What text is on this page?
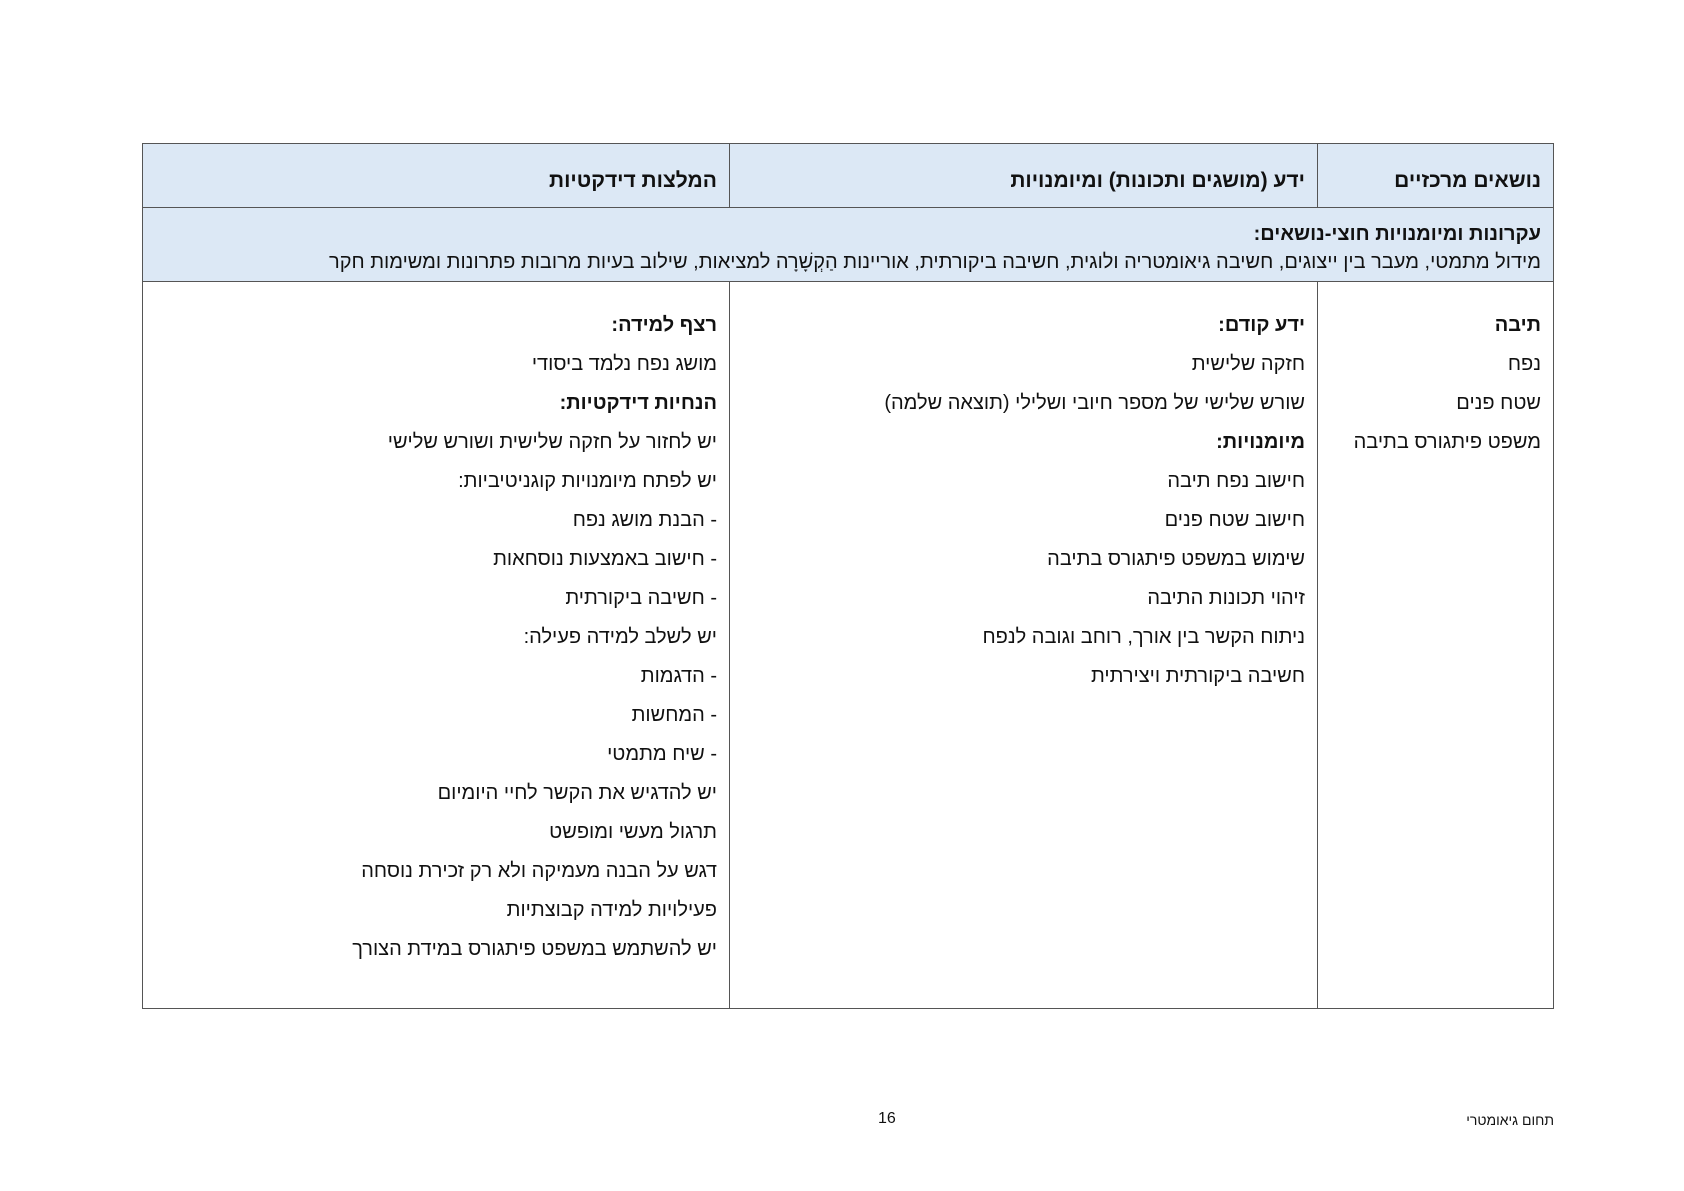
נושאים מרכזיים
ידע (מושגים ותכונות) ומיומנויות
המלצות דידקטיות
עקרונות ומיומנויות חוצי-נושאים:
מידול מתמטי, מעבר בין ייצוגים, חשיבה גיאומטריה ולוגית, חשיבה ביקורתית, אוריינות הַקְשָׁרָה למציאות, שילוב בעיות מרובות פתרונות ומשימות חקר
תיבה
נפח
שטח פנים
משפט פיתגורס בתיבה
ידע קודם:
חזקה שלישית
שורש שלישי של מספר חיובי ושלילי (תוצאה שלמה)
מיומנויות:
חישוב נפח תיבה
חישוב שטח פנים
שימוש במשפט פיתגורס בתיבה
זיהוי תכונות התיבה
ניתוח הקשר בין אורך, רוחב וגובה לנפח
חשיבה ביקורתית ויצירתית
רצף למידה:
מושג נפח נלמד ביסודי
הנחיות דידקטיות:
יש לחזור על חזקה שלישית ושורש שלישי
יש לפתח מיומנויות קוגניטיביות:
- הבנת מושג נפח
- חישוב באמצעות נוסחאות
- חשיבה ביקורתית
יש לשלב למידה פעילה:
- הדגמות
- המחשות
- שיח מתמטי
יש להדגיש את הקשר לחיי היומיום
תרגול מעשי ומופשט
דגש על הבנה מעמיקה ולא רק זכירת נוסחה
פעילויות למידה קבוצתיות
יש להשתמש במשפט פיתגורס במידת הצורך
תחום גיאומטרי
16
